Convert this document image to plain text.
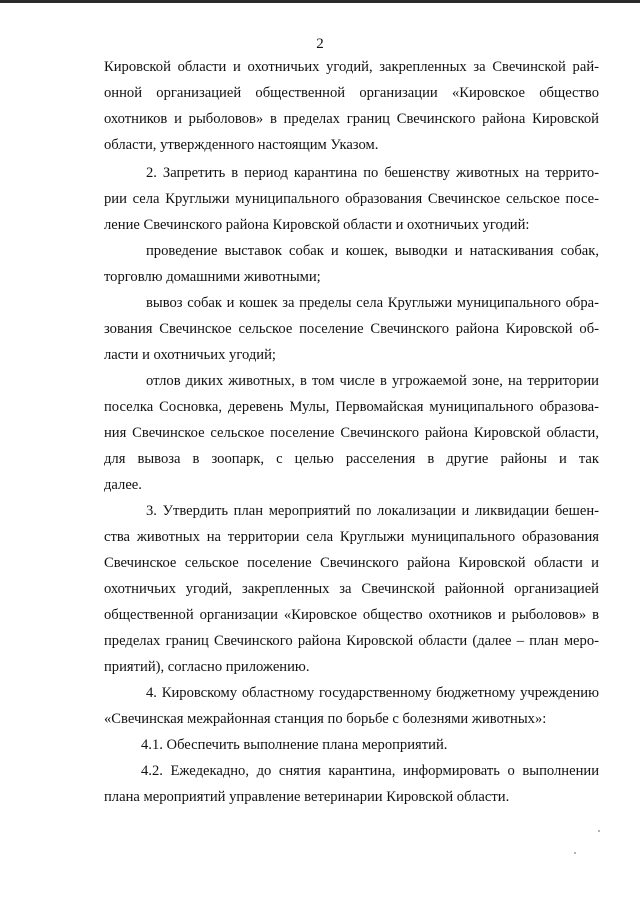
2
Кировской области и охотничьих угодий, закрепленных за Свечинской рай-
онной организацией общественной организации «Кировское общество
охотников и рыболовов» в пределах границ Свечинского района Кировской
области, утвержденного настоящим Указом.
2. Запретить в период карантина по бешенству животных на террито-
рии села Круглыжи муниципального образования Свечинское сельское посе-
ление Свечинского района Кировской области и охотничьих угодий:
проведение выставок собак и кошек, выводки и натаскивания собак,
торговлю домашними животными;
вывоз собак и кошек за пределы села Круглыжи муниципального обра-
зования Свечинское сельское поселение Свечинского района Кировской об-
ласти и охотничьих угодий;
отлов диких животных, в том числе в угрожаемой зоне, на территории
поселка Сосновка, деревень Мулы, Первомайская муниципального образова-
ния Свечинское сельское поселение Свечинского района Кировской области,
для вывоза в зоопарк, с целью расселения в другие районы и так
далее.
3. Утвердить план мероприятий по локализации и ликвидации бешен-
ства животных на территории села Круглыжи муниципального образования
Свечинское сельское поселение Свечинского района Кировской области и
охотничьих угодий, закрепленных за Свечинской районной организацией
общественной организации «Кировское общество охотников и рыболовов» в
пределах границ Свечинского района Кировской области (далее – план меро-
приятий), согласно приложению.
4. Кировскому областному государственному бюджетному учреждению
«Свечинская межрайонная станция по борьбе с болезнями животных»:
4.1. Обеспечить выполнение плана мероприятий.
4.2. Ежедекадно, до снятия карантина, информировать о выполнении
плана мероприятий управление ветеринарии Кировской области.
